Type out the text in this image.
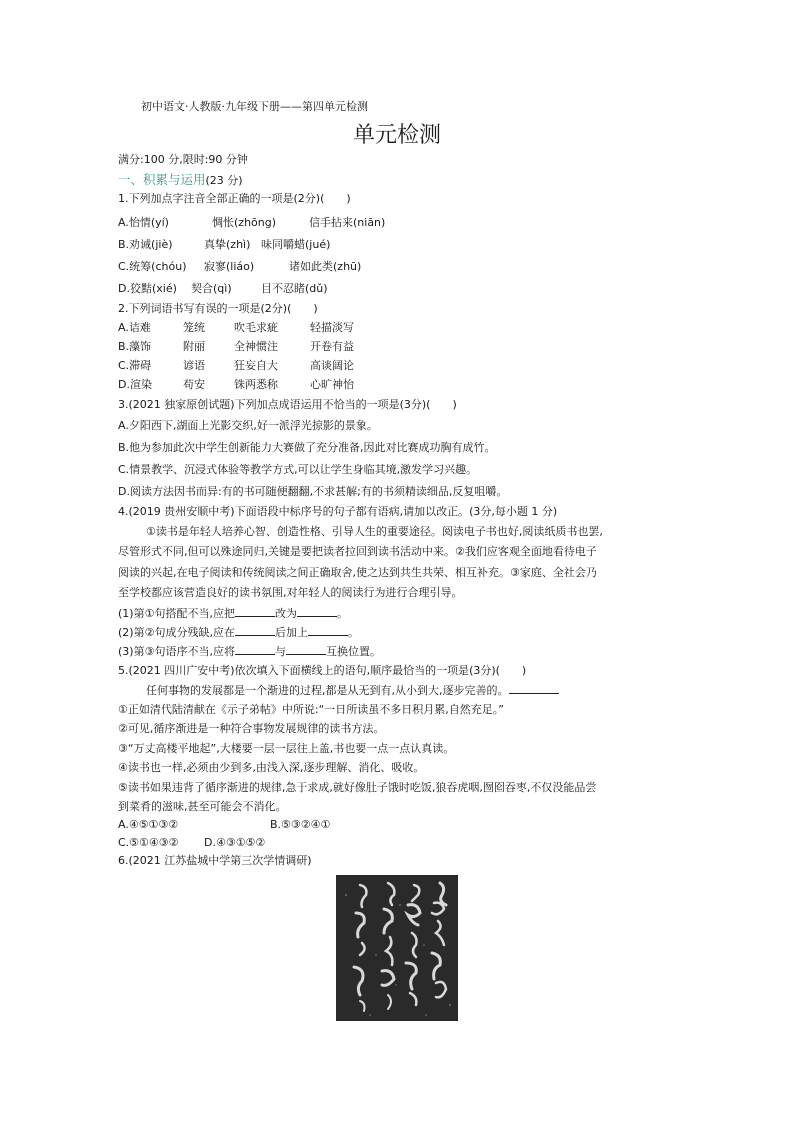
初中语文·人教版·九年级下册——第四单元检测
单元检测
满分:100 分,限时:90 分钟
一、积累与运用(23 分)
1.下列加点字注音全部正确的一项是(2分)(　　)
A.怡情(yí)	惆怅(zhōng)	信手拈来(niān)
B.劝诫(jiè)	真挚(zhì) 味同嚼蜡(jué)
C.统筹(chóu) 寂寥(liáo)	诸如此类(zhū)
D.狡黠(xié) 契合(qì)	目不忍睹(dǔ)
2.下列词语书写有误的一项是(2分)(　　)
A.诘难	笼统	吹毛求疵	轻描淡写
B.藻饰	附丽	全神惯注	开卷有益
C.滞碍	谚语	狂妄自大	高谈阔论
D.渲染	苟安	铢两悉称	心旷神怡
3.(2021 独家原创试题)下列加点成语运用不恰当的一项是(3分)(　　)
A.夕阳西下,湖面上光影交织,好一派浮光掠影的景象。
B.他为参加此次中学生创新能力大赛做了充分准备,因此对比赛成功胸有成竹。
C.情景教学、沉浸式体验等教学方式,可以让学生身临其境,激发学习兴趣。
D.阅读方法因书而异:有的书可随便翻翻,不求甚解;有的书须精读细品,反复咀嚼。
4.(2019 贵州安顺中考)下面语段中标序号的句子都有语病,请加以改正。(3分,每小题 1 分)
①读书是年轻人培养心智、创造性格、引导人生的重要途径。阅读电子书也好,阅读纸质书也罢,
尽管形式不同,但可以殊途同归,关键是要把读者拉回到读书活动中来。②我们应客观全面地看待电子
阅读的兴起,在电子阅读和传统阅读之间正确取舍,使之达到共生共荣、相互补充。③家庭、全社会乃
至学校都应该营造良好的读书氛围,对年轻人的阅读行为进行合理引导。
(1)第①句搭配不当,应把	改为	。
(2)第②句成分残缺,应在	后加上	。
(3)第③句语序不当,应将	与	互换位置。
5.(2021 四川广安中考)依次填入下面横线上的语句,顺序最恰当的一项是(3分)(　　)
任何事物的发展都是一个渐进的过程,都是从无到有,从小到大,逐步完善的。
①正如清代陆清献在《示子弟帖》中所说:“一日所读虽不多日积月累,自然充足。”
②可见,循序渐进是一种符合事物发展规律的读书方法。
③“万丈高楼平地起”,大楼要一层一层往上盖,书也要一点一点认真读。
④读书也一样,必须由少到多,由浅入深,逐步理解、消化、吸收。
⑤读书如果违背了循序渐进的规律,急于求成,就好像肚子饿时吃饭,狼吞虎咽,囫囵吞枣,不仅没能品尝
到菜肴的滋味,甚至可能会不消化。
A.④⑤①③②	B.⑤③②④①
C.⑤①④③② D.④③①⑤②
6.(2021 江苏盐城中学第三次学情调研)
